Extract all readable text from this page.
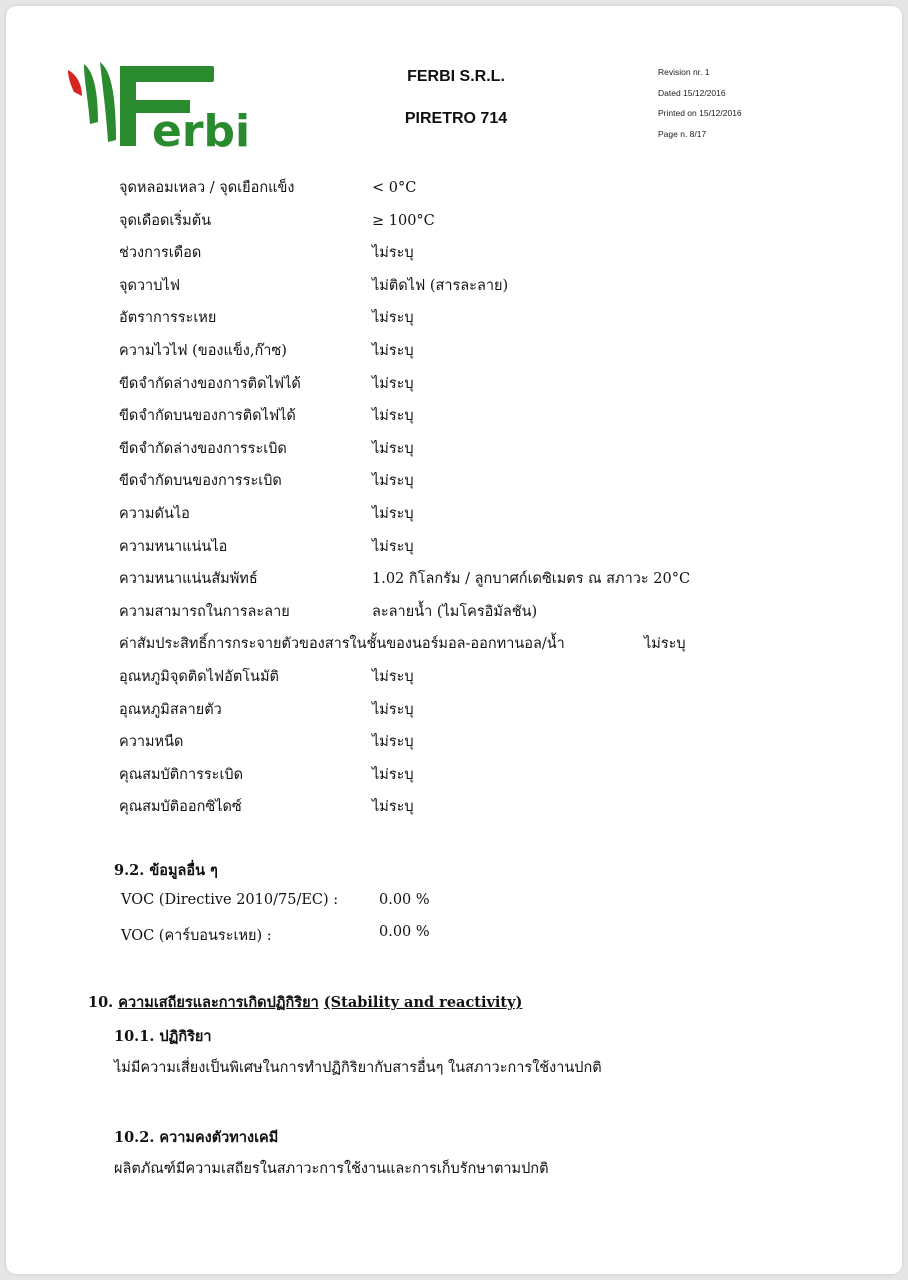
erbi
FERBI S.R.L.
PIRETRO 714
Revision nr. 1
Dated 15/12/2016
Printed on 15/12/2016
Page n. 8/17
จุดหลอมเหลว / จุดเยือกแข็ง	< 0°C
จุดเดือดเริ่มต้น	≥ 100°C
ช่วงการเดือด	ไม่ระบุ
จุดวาบไฟ	ไม่ติดไฟ (สารละลาย)
อัตราการระเหย	ไม่ระบุ
ความไวไฟ (ของแข็ง,ก๊าซ)	ไม่ระบุ
ขีดจำกัดล่างของการติดไฟได้	ไม่ระบุ
ขีดจำกัดบนของการติดไฟได้	ไม่ระบุ
ขีดจำกัดล่างของการระเบิด	ไม่ระบุ
ขีดจำกัดบนของการระเบิด	ไม่ระบุ
ความดันไอ	ไม่ระบุ
ความหนาแน่นไอ	ไม่ระบุ
ความหนาแน่นสัมพัทธ์	1.02 กิโลกรัม / ลูกบาศก์เดซิเมตร ณ สภาวะ 20°C
ความสามารถในการละลาย	ละลายน้ำ (ไมโครอิมัลชัน)
ค่าสัมประสิทธิ์การกระจายตัวของสารในชั้นของนอร์มอล-ออกทานอล/น้ำ	ไม่ระบุ
อุณหภูมิจุดติดไฟอัตโนมัติ	ไม่ระบุ
อุณหภูมิสลายตัว	ไม่ระบุ
ความหนืด	ไม่ระบุ
คุณสมบัติการระเบิด	ไม่ระบุ
คุณสมบัติออกซิไดซ์	ไม่ระบุ
9.2. ข้อมูลอื่น ๆ
VOC (Directive 2010/75/EC) :	0.00 %
VOC (คาร์บอนระเหย) :	0.00 %
10. ความเสถียรและการเกิดปฏิกิริยา (Stability and reactivity)
10.1. ปฏิกิริยา
ไม่มีความเสี่ยงเป็นพิเศษในการทำปฏิกิริยากับสารอื่นๆ ในสภาวะการใช้งานปกติ
10.2. ความคงตัวทางเคมี
ผลิตภัณฑ์มีความเสถียรในสภาวะการใช้งานและการเก็บรักษาตามปกติ
